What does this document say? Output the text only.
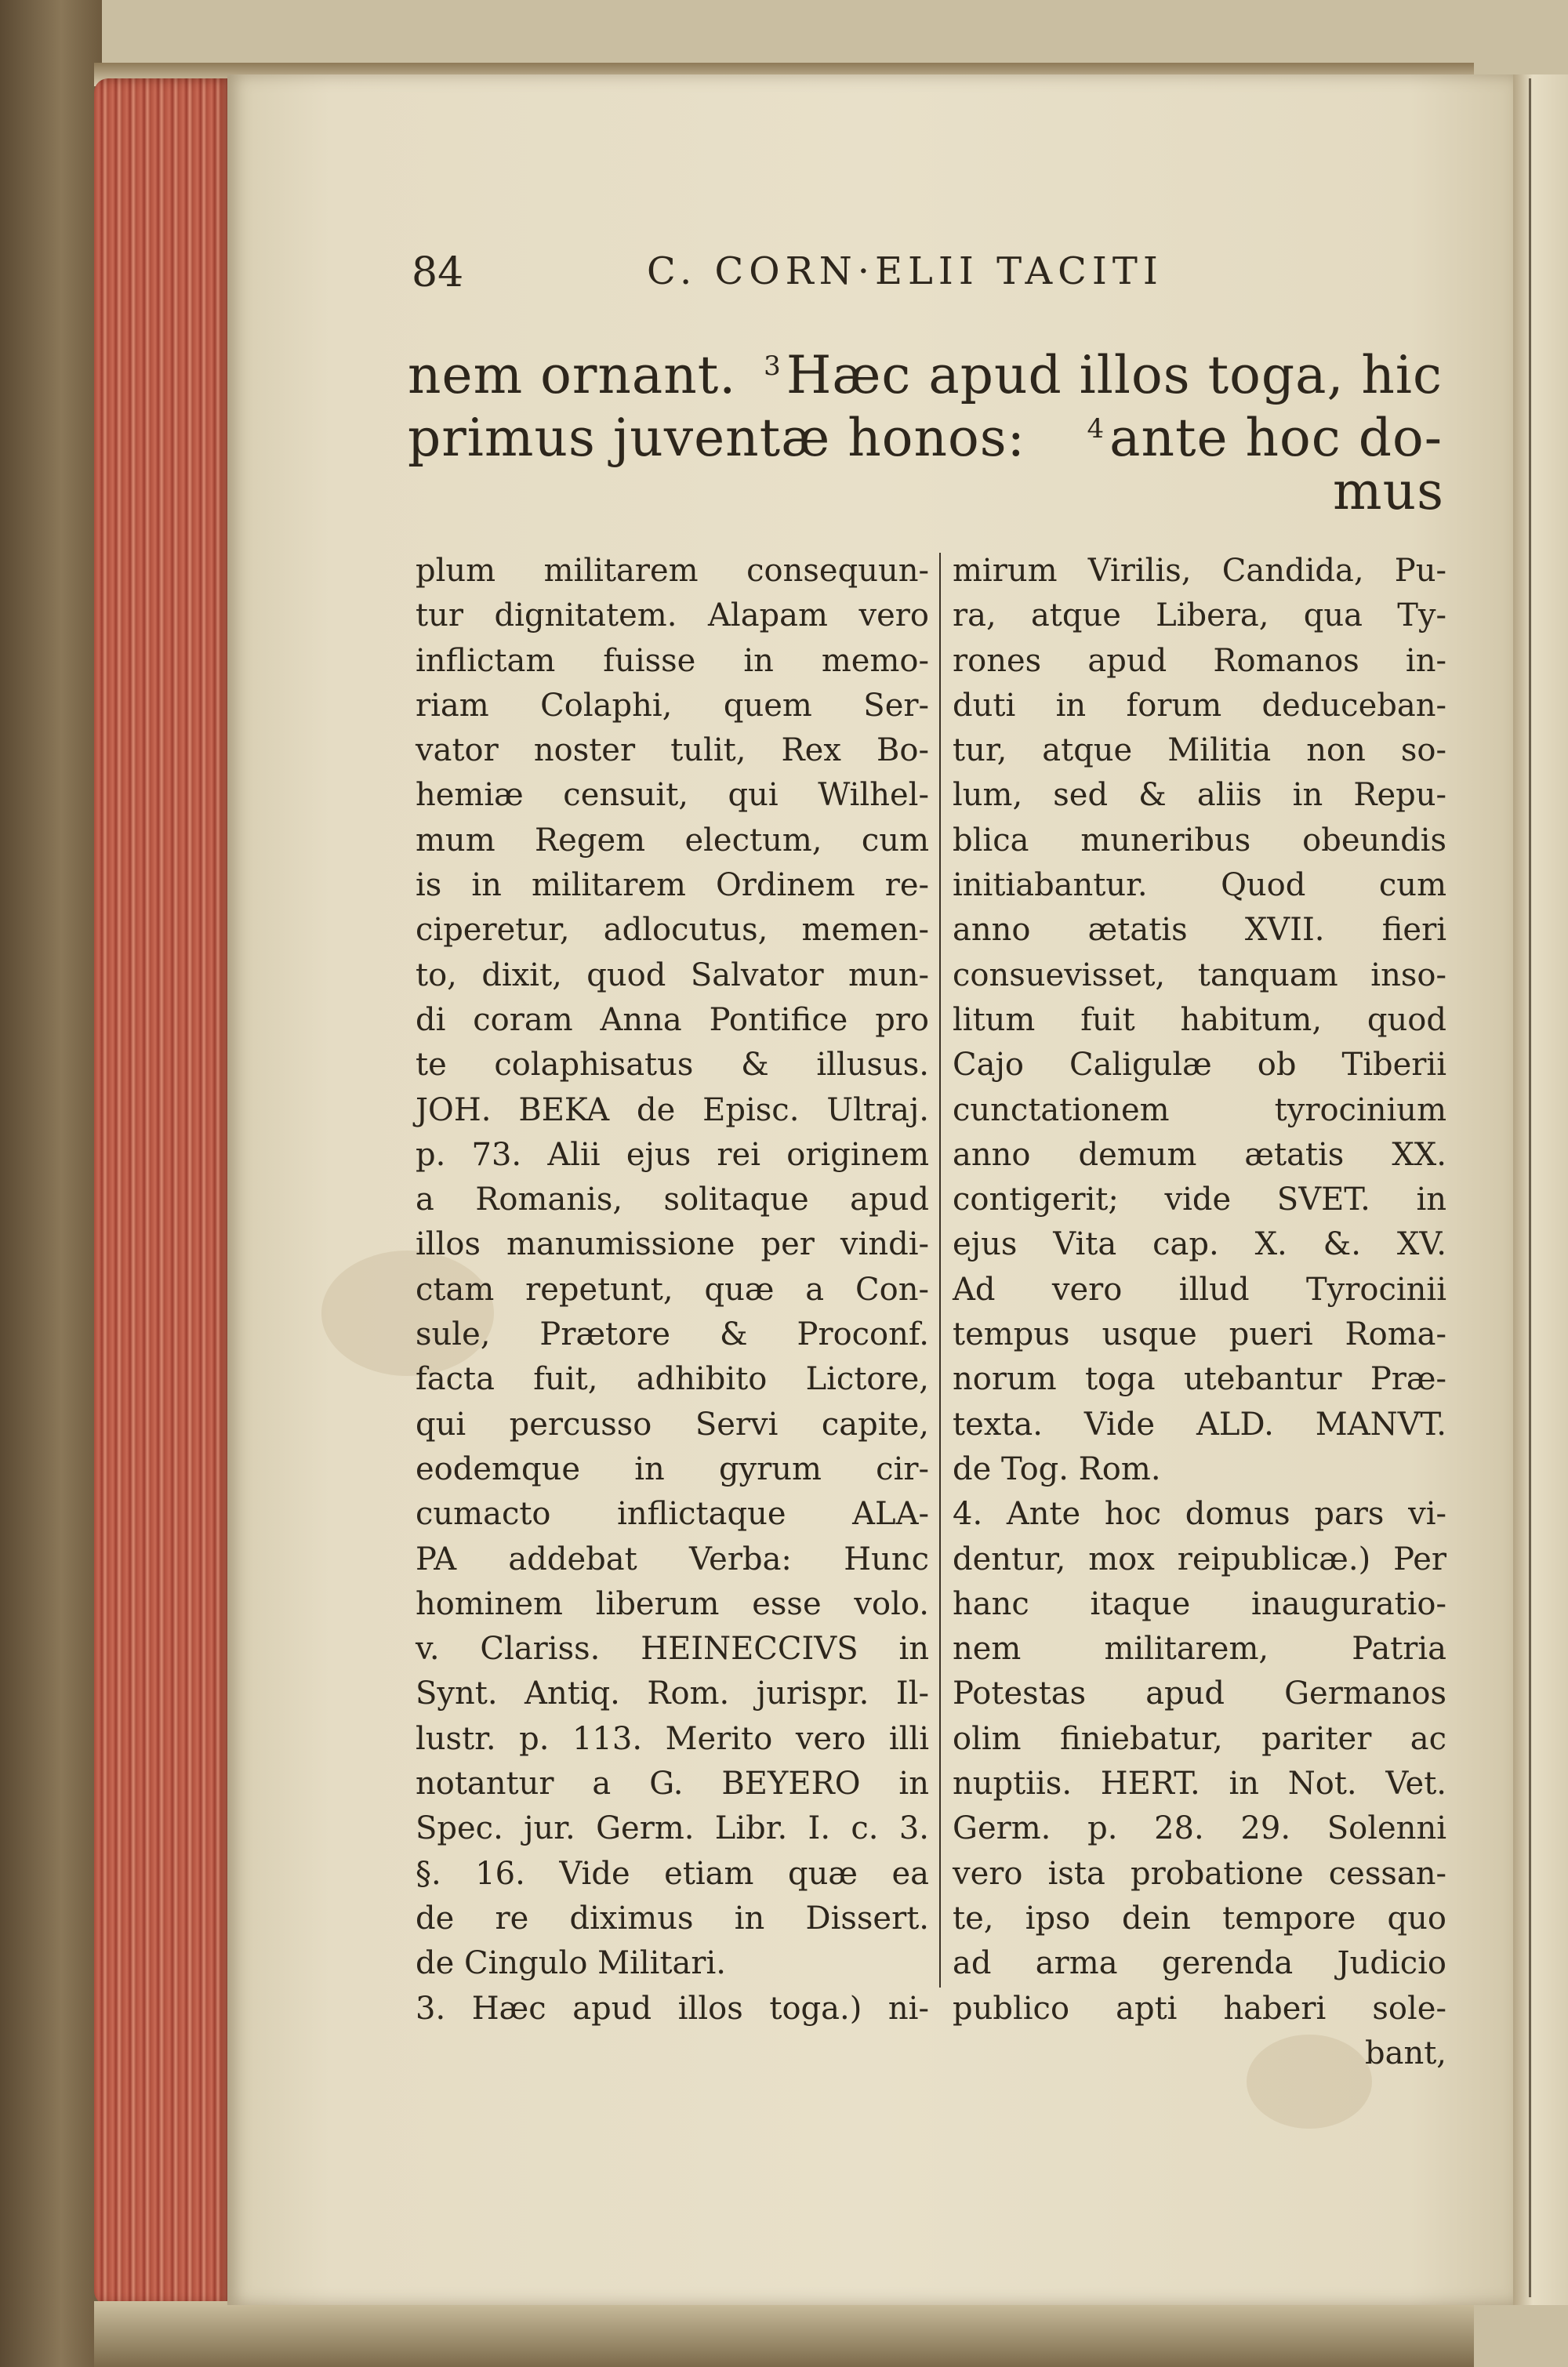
84	C. CORN·ELII TACITI
nem ornant. $^3$Hæc apud illos toga, hic
primus juventæ honos: $^4$ante hoc do-
mus
plum militarem consequun-
tur dignitatem. Alapam vero
inflictam fuisse in memo-
riam Colaphi, quem Ser-
vator noster tulit, Rex Bo-
hemiæ censuit, qui Wilhel-
mum Regem electum, cum
is in militarem Ordinem re-
ciperetur, adlocutus, memen-
to, dixit, quod Salvator mun-
di coram Anna Pontifice pro
te colaphisatus & illusus.
JOH. BEKA de Episc. Ultraj.
p. 73. Alii ejus rei originem
a Romanis, solitaque apud
illos manumissione per vindi-
ctam repetunt, quæ a Con-
sule, Prætore & Proconf.
facta fuit, adhibito Lictore,
qui percusso Servi capite,
eodemque in gyrum cir-
cumacto inflictaque ALA-
PA addebat Verba: Hunc
hominem liberum esse volo.
v. Clariss. HEINECCIVS in
Synt. Antiq. Rom. jurispr. Il-
lustr. p. 113. Merito vero illi
notantur a G. BEYERO in
Spec. jur. Germ. Libr. I. c. 3.
§. 16. Vide etiam quæ ea
de re diximus in Dissert.
de Cingulo Militari.
3. Hæc apud illos toga.) ni-
mirum Virilis, Candida, Pu-
ra, atque Libera, qua Ty-
rones apud Romanos in-
duti in forum deduceban-
tur, atque Militia non so-
lum, sed & aliis in Repu-
blica muneribus obeundis
initiabantur. Quod cum
anno ætatis XVII. fieri
consuevisset, tanquam inso-
litum fuit habitum, quod
Cajo Caligulæ ob Tiberii
cunctationem tyrocinium
anno demum ætatis XX.
contigerit; vide SVET. in
ejus Vita cap. X. &. XV.
Ad vero illud Tyrocinii
tempus usque pueri Roma-
norum toga utebantur Præ-
texta. Vide ALD. MANVT.
de Tog. Rom.
4. Ante hoc domus pars vi-
dentur, mox reipublicæ.) Per
hanc itaque inauguratio-
nem militarem, Patria
Potestas apud Germanos
olim finiebatur, pariter ac
nuptiis. HERT. in Not. Vet.
Germ. p. 28. 29. Solenni
vero ista probatione cessan-
te, ipso dein tempore quo
ad arma gerenda Judicio
publico apti haberi sole-
bant,
